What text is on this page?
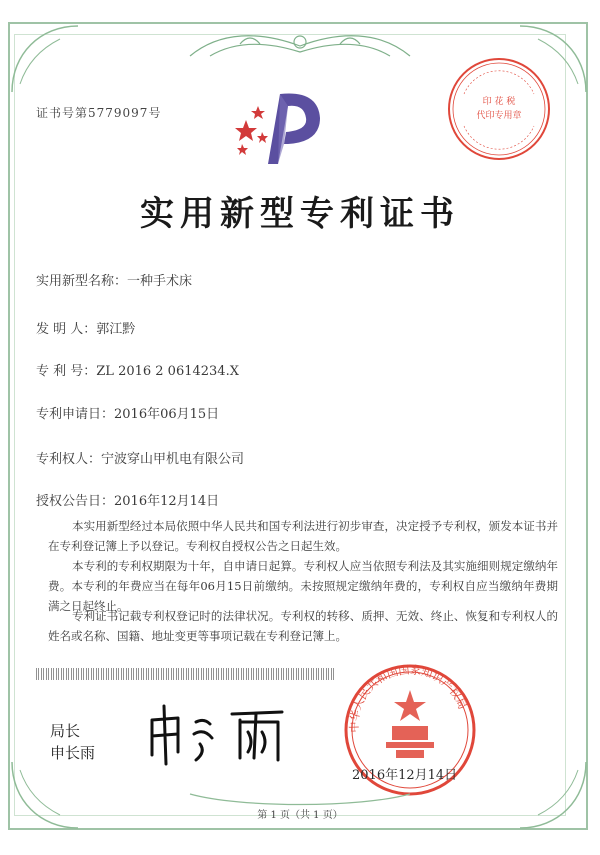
证书号第5779097号
印 花 税
代印专用章
实用新型专利证书
实用新型名称：一种手术床
发 明 人：郭江黔
专 利 号：ZL 2016 2 0614234.X
专利申请日：2016年06月15日
专利权人：宁波穿山甲机电有限公司
授权公告日：2016年12月14日
本实用新型经过本局依照中华人民共和国专利法进行初步审查，决定授予专利权，颁发本证书并在专利登记簿上予以登记。专利权自授权公告之日起生效。
本专利的专利权期限为十年，自申请日起算。专利权人应当依照专利法及其实施细则规定缴纳年费。本专利的年费应当在每年06月15日前缴纳。未按照规定缴纳年费的，专利权自应当缴纳年费期满之日起终止。
专利证书记载专利权登记时的法律状况。专利权的转移、质押、无效、终止、恢复和专利权人的姓名或名称、国籍、地址变更等事项记载在专利登记簿上。
局长
申长雨
中华人民共和国国家知识产权局
2016年12月14日
第 1 页（共 1 页）
